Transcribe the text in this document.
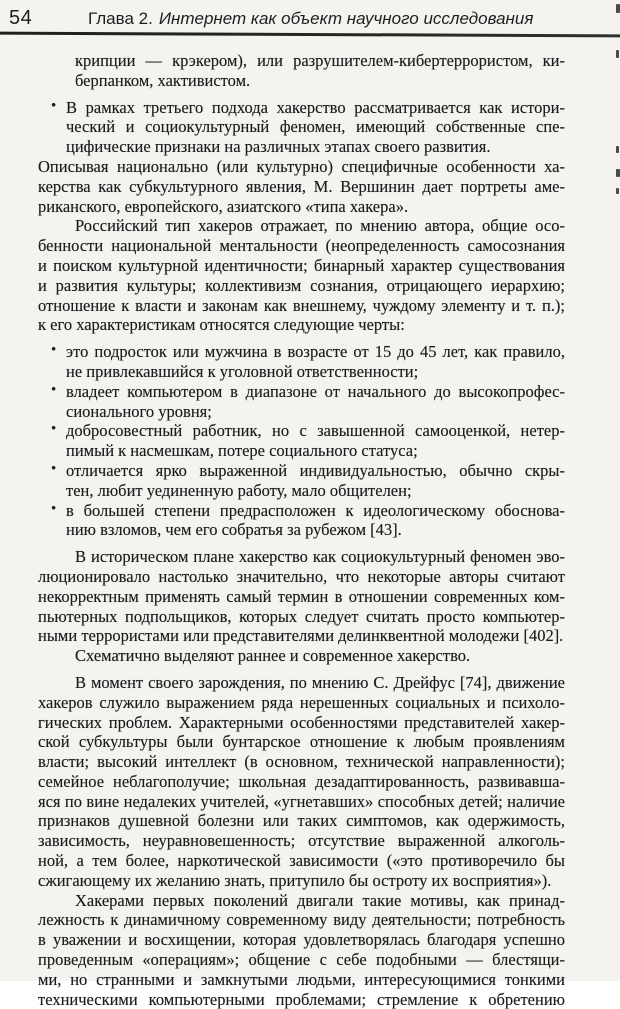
54	Глава 2. Интернет как объект научного исследования
крипции — крэкером), или разрушителем-кибертеррористом, ки-
берпанком, хактивистом.
• В рамках третьего подхода хакерство рассматривается как истори-
ческий и социокультурный феномен, имеющий собственные спе-
цифические признаки на различных этапах своего развития.
Описывая национально (или культурно) специфичные особенности ха-
керства как субкультурного явления, М. Вершинин дает портреты аме-
риканского, европейского, азиатского «типа хакера».
Российский тип хакеров отражает, по мнению автора, общие осо-
бенности национальной ментальности (неопределенность самосознания
и поиском культурной идентичности; бинарный характер существования
и развития культуры; коллективизм сознания, отрицающего иерархию;
отношение к власти и законам как внешнему, чуждому элементу и т. п.);
к его характеристикам относятся следующие черты:
• это подросток или мужчина в возрасте от 15 до 45 лет, как правило,
не привлекавшийся к уголовной ответственности;
• владеет компьютером в диапазоне от начального до высокопрофес-
сионального уровня;
• добросовестный работник, но с завышенной самооценкой, нетер-
пимый к насмешкам, потере социального статуса;
• отличается ярко выраженной индивидуальностью, обычно скры-
тен, любит уединенную работу, мало общителен;
• в большей степени предрасположен к идеологическому обоснова-
нию взломов, чем его собратья за рубежом [43].
В историческом плане хакерство как социокультурный феномен эво-
люционировало настолько значительно, что некоторые авторы считают
некорректным применять самый термин в отношении современных ком-
пьютерных подпольщиков, которых следует считать просто компьютер-
ными террористами или представителями делинквентной молодежи [402].
Схематично выделяют раннее и современное хакерство.
В момент своего зарождения, по мнению С. Дрейфус [74], движение
хакеров служило выражением ряда нерешенных социальных и психоло-
гических проблем. Характерными особенностями представителей хакер-
ской субкультуры были бунтарское отношение к любым проявлениям
власти; высокий интеллект (в основном, технической направленности);
семейное неблагополучие; школьная дезадаптированность, развивавша-
яся по вине недалеких учителей, «угнетавших» способных детей; наличие
признаков душевной болезни или таких симптомов, как одержимость,
зависимость, неуравновешенность; отсутствие выраженной алкоголь-
ной, а тем более, наркотической зависимости («это противоречило бы
сжигающему их желанию знать, притупило бы остроту их восприятия»).
Хакерами первых поколений двигали такие мотивы, как принад-
лежность к динамичному современному виду деятельности; потребность
в уважении и восхищении, которая удовлетворялась благодаря успешно
проведенным «операциям»; общение с себе подобными — блестящи-
ми, но странными и замкнутыми людьми, интересующимися тонкими
техническими компьютерными проблемами; стремление к обретению
